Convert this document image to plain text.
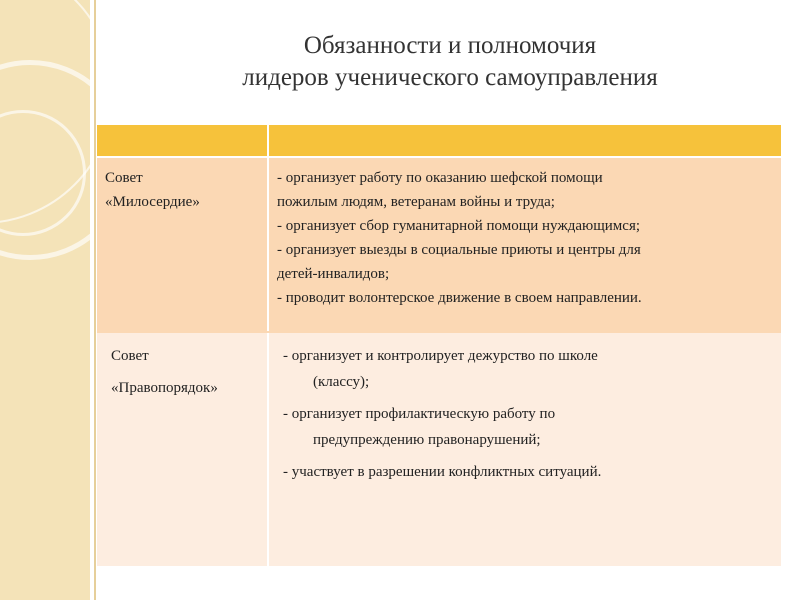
Обязанности и полномочия
лидеров ученического самоуправления
Совет
«Милосердие»
- организует работу по оказанию шефской помощи
пожилым людям, ветеранам войны и труда;
- организует сбор гуманитарной помощи нуждающимся;
- организует выезды в социальные приюты и центры для
детей-инвалидов;
- проводит волонтерское движение в своем направлении.
Совет
«Правопорядок»
- организует и контролирует дежурство по школе
(классу);
- организует профилактическую работу по
предупреждению правонарушений;
- участвует в разрешении конфликтных ситуаций.
